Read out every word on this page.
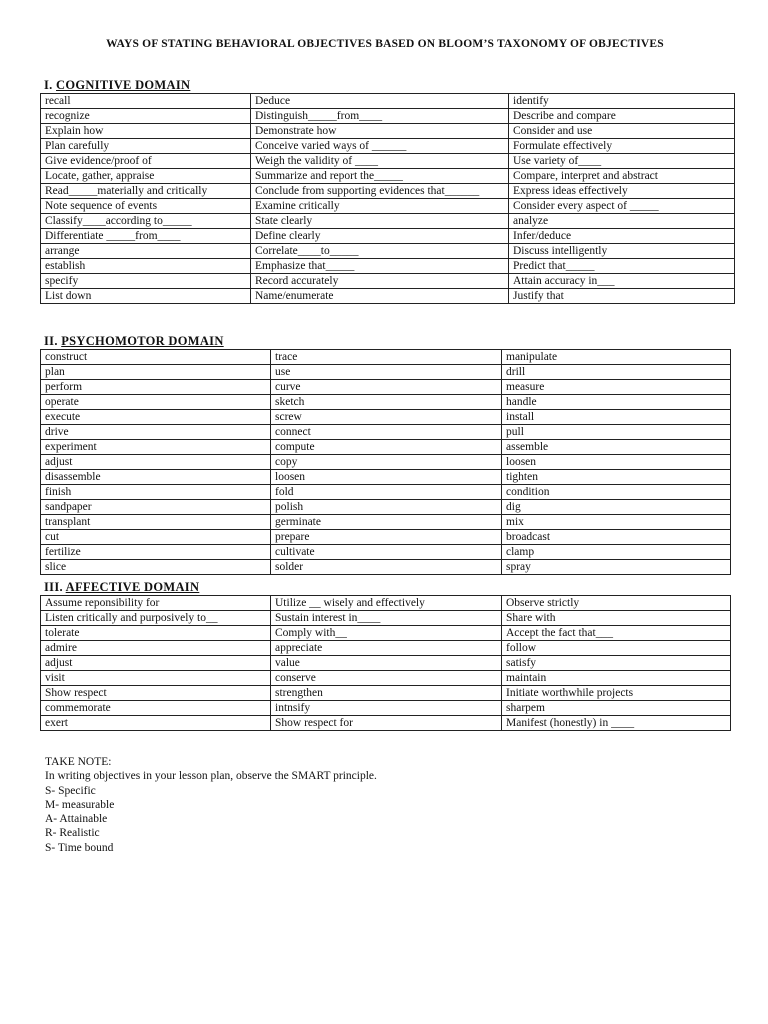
WAYS OF STATING BEHAVIORAL OBJECTIVES BASED ON BLOOM’S TAXONOMY OF OBJECTIVES
I. COGNITIVE DOMAIN
recall	Deduce	identify
recognize	Distinguish_____from____	Describe and compare
Explain how	Demonstrate how	Consider and use
Plan carefully	Conceive varied ways of ______	Formulate effectively
Give evidence/proof of	Weigh the validity of ____	Use variety of____
Locate, gather, appraise	Summarize and report the_____	Compare, interpret and abstract
Read_____materially and critically	Conclude from supporting evidences that______	Express ideas effectively
Note sequence of events	Examine critically	Consider every aspect of _____
Classify____according to_____	State clearly	analyze
Differentiate _____from____	Define clearly	Infer/deduce
arrange	Correlate____to_____	Discuss intelligently
establish	Emphasize that_____	Predict that_____
specify	Record accurately	Attain accuracy in___
List down	Name/enumerate	Justify that
II. PSYCHOMOTOR DOMAIN
construct	trace	manipulate
plan	use	drill
perform	curve	measure
operate	sketch	handle
execute	screw	install
drive	connect	pull
experiment	compute	assemble
adjust	copy	loosen
disassemble	loosen	tighten
finish	fold	condition
sandpaper	polish	dig
transplant	germinate	mix
cut	prepare	broadcast
fertilize	cultivate	clamp
slice	solder	spray
III. AFFECTIVE DOMAIN
Assume reponsibility for	Utilize __ wisely and effectively	Observe strictly
Listen critically and purposively to__	Sustain interest in____	Share with
tolerate	Comply with__	Accept the fact that___
admire	appreciate	follow
adjust	value	satisfy
visit	conserve	maintain
Show respect	strengthen	Initiate worthwhile projects
commemorate	intnsify	sharpem
exert	Show respect for	Manifest (honestly) in ____
TAKE NOTE:
In writing objectives in your lesson plan, observe the SMART principle.
S- Specific
M- measurable
A- Attainable
R- Realistic
S- Time bound
